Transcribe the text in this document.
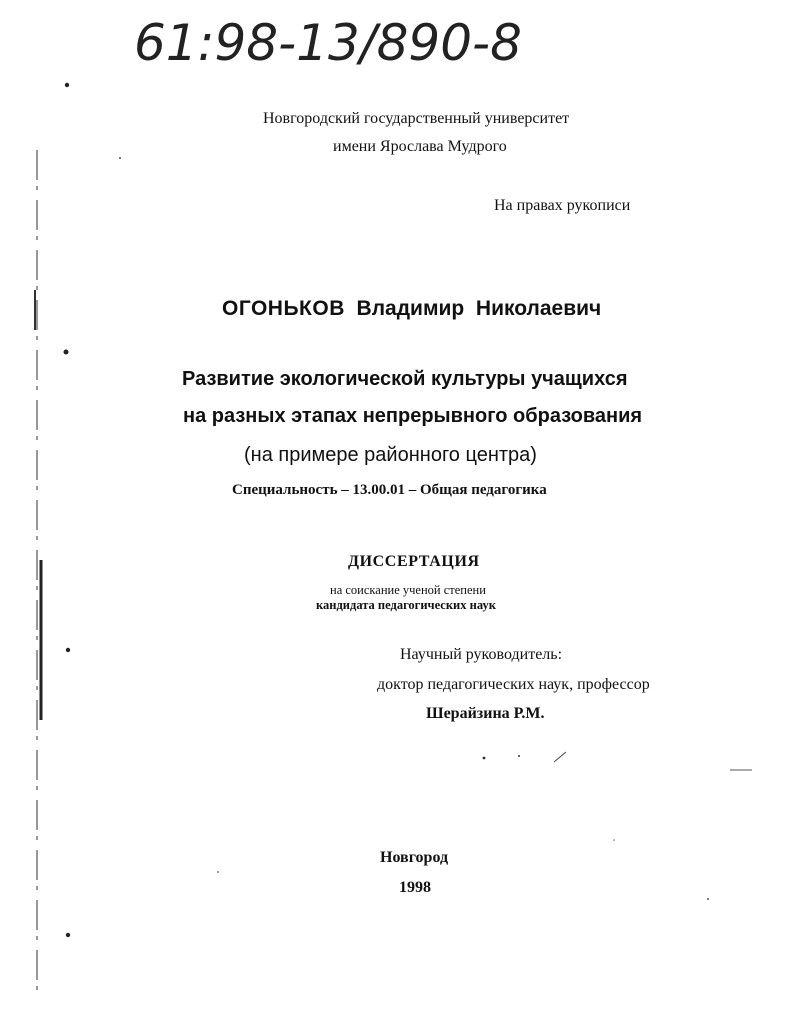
61:98-13/890-8
Новгородский государственный университет
имени Ярослава Мудрого
На правах рукописи
ОГОНЬКОВ Владимир  Николаевич
Развитие экологической культуры учащихся
на разных этапах непрерывного образования
(на примере районного центра)
Специальность – 13.00.01 – Общая педагогика
ДИССЕРТАЦИЯ
на соискание ученой степени
кандидата педагогических наук
Научный руководитель:
доктор педагогических наук, профессор
Шерайзина Р.М.
Новгород
1998
